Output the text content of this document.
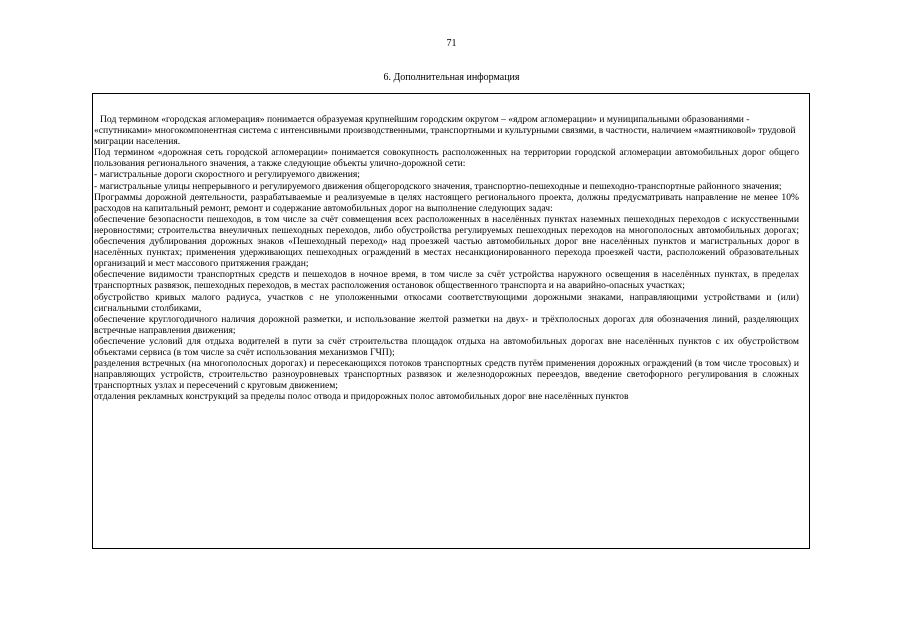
71
6. Дополнительная информация

Под термином «городская агломерация» понимается образуемая крупнейшим городским округом – «ядром агломерации» и муниципальными образованиями - «спутниками» многокомпонентная система с интенсивными производственными, транспортными и культурными связями, в частности, наличием «маятниковой» трудовой миграции населения.

Под термином «дорожная сеть городской агломерации» понимается совокупность расположенных на территории городской агломерации автомобильных дорог общего пользования регионального значения, а также следующие объекты улично-дорожной сети:

- магистральные дороги скоростного и регулируемого движения;

- магистральные улицы непрерывного и регулируемого движения общегородского значения, транспортно-пешеходные и пешеходно-транспортные районного значения;

Программы дорожной деятельности, разрабатываемые и реализуемые в целях настоящего регионального проекта, должны предусматривать направление не менее 10% расходов на капитальный ремонт, ремонт и содержание автомобильных дорог на выполнение следующих задач:

обеспечение безопасности пешеходов, в том числе за счёт совмещения всех расположенных в населённых пунктах наземных пешеходных переходов с искусственными неровностями; строительства внеуличных пешеходных переходов, либо обустройства регулируемых пешеходных переходов на многополосных автомобильных дорогах; обеспечения дублирования дорожных знаков «Пешеходный переход» над проезжей частью автомобильных дорог вне населённых пунктов и магистральных дорог в населённых пунктах; применения удерживающих пешеходных ограждений в местах несанкционированного перехода проезжей части, расположений образовательных организаций и мест массового притяжения граждан;

обеспечение видимости транспортных средств и пешеходов в ночное время, в том числе за счёт устройства наружного освещения в населённых пунктах, в пределах транспортных развязок, пешеходных переходов, в местах расположения остановок общественного транспорта и на аварийно-опасных участках;

обустройство кривых малого радиуса, участков с не уположенными откосами соответствующими дорожными знаками, направляющими устройствами и (или) сигнальными столбиками,

обеспечение круглогодичного наличия дорожной разметки, и использование желтой разметки на двух- и трёхполосных дорогах для обозначения линий, разделяющих встречные направления движения;

обеспечение условий для отдыха водителей в пути за счёт строительства площадок отдыха на автомобильных дорогах вне населённых пунктов с их обустройством объектами сервиса (в том числе за счёт использования механизмов ГЧП);

разделения встречных (на многополосных дорогах) и пересекающихся потоков транспортных средств путём применения дорожных ограждений (в том числе тросовых) и направляющих устройств, строительство разноуровневых транспортных развязок и железнодорожных переездов, введение светофорного регулирования в сложных транспортных узлах и пересечений с круговым движением;

отдаления рекламных конструкций за пределы полос отвода и придорожных полос автомобильных дорог вне населённых пунктов
